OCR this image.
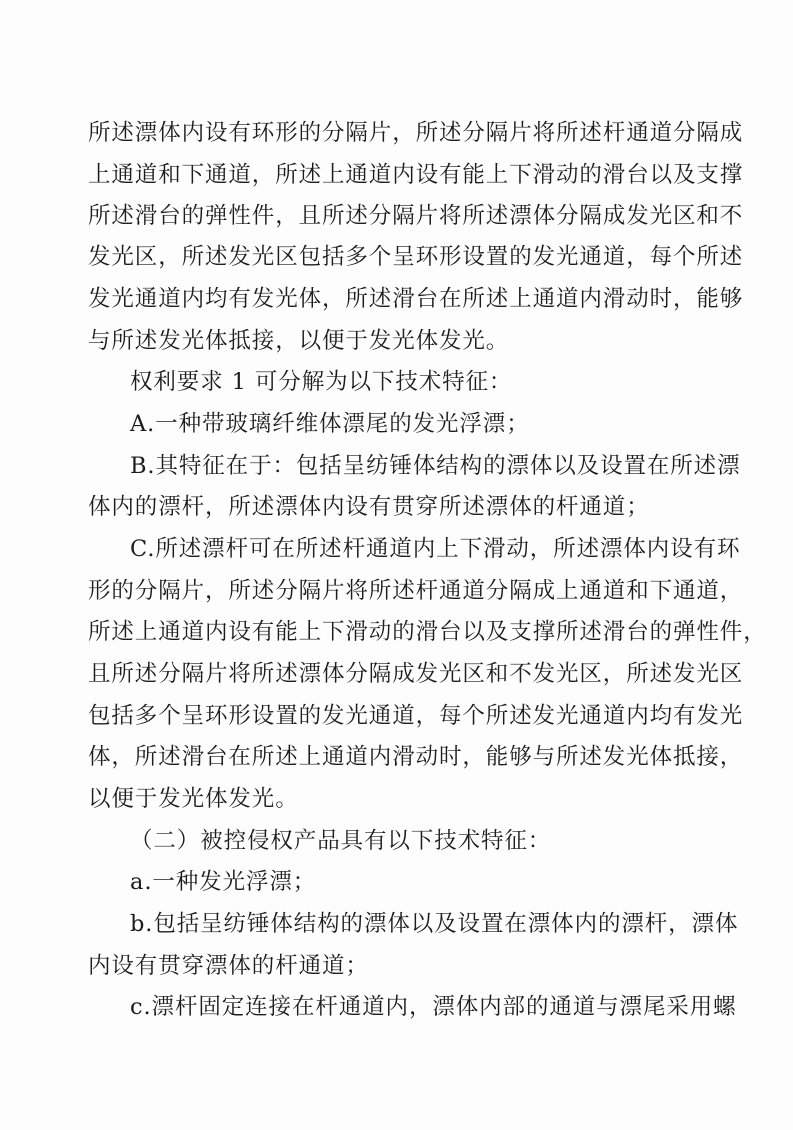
所述漂体内设有环形的分隔片，所述分隔片将所述杆通道分隔成
上通道和下通道，所述上通道内设有能上下滑动的滑台以及支撑
所述滑台的弹性件，且所述分隔片将所述漂体分隔成发光区和不
发光区，所述发光区包括多个呈环形设置的发光通道，每个所述
发光通道内均有发光体，所述滑台在所述上通道内滑动时，能够
与所述发光体抵接，以便于发光体发光。
权利要求 1 可分解为以下技术特征：
A.一种带玻璃纤维体漂尾的发光浮漂；
B.其特征在于：包括呈纺锤体结构的漂体以及设置在所述漂
体内的漂杆，所述漂体内设有贯穿所述漂体的杆通道；
C.所述漂杆可在所述杆通道内上下滑动，所述漂体内设有环
形的分隔片，所述分隔片将所述杆通道分隔成上通道和下通道，
所述上通道内设有能上下滑动的滑台以及支撑所述滑台的弹性件，
且所述分隔片将所述漂体分隔成发光区和不发光区，所述发光区
包括多个呈环形设置的发光通道，每个所述发光通道内均有发光
体，所述滑台在所述上通道内滑动时，能够与所述发光体抵接，
以便于发光体发光。
（二）被控侵权产品具有以下技术特征：
a.一种发光浮漂；
b.包括呈纺锤体结构的漂体以及设置在漂体内的漂杆，漂体
内设有贯穿漂体的杆通道；
c.漂杆固定连接在杆通道内，漂体内部的通道与漂尾采用螺
